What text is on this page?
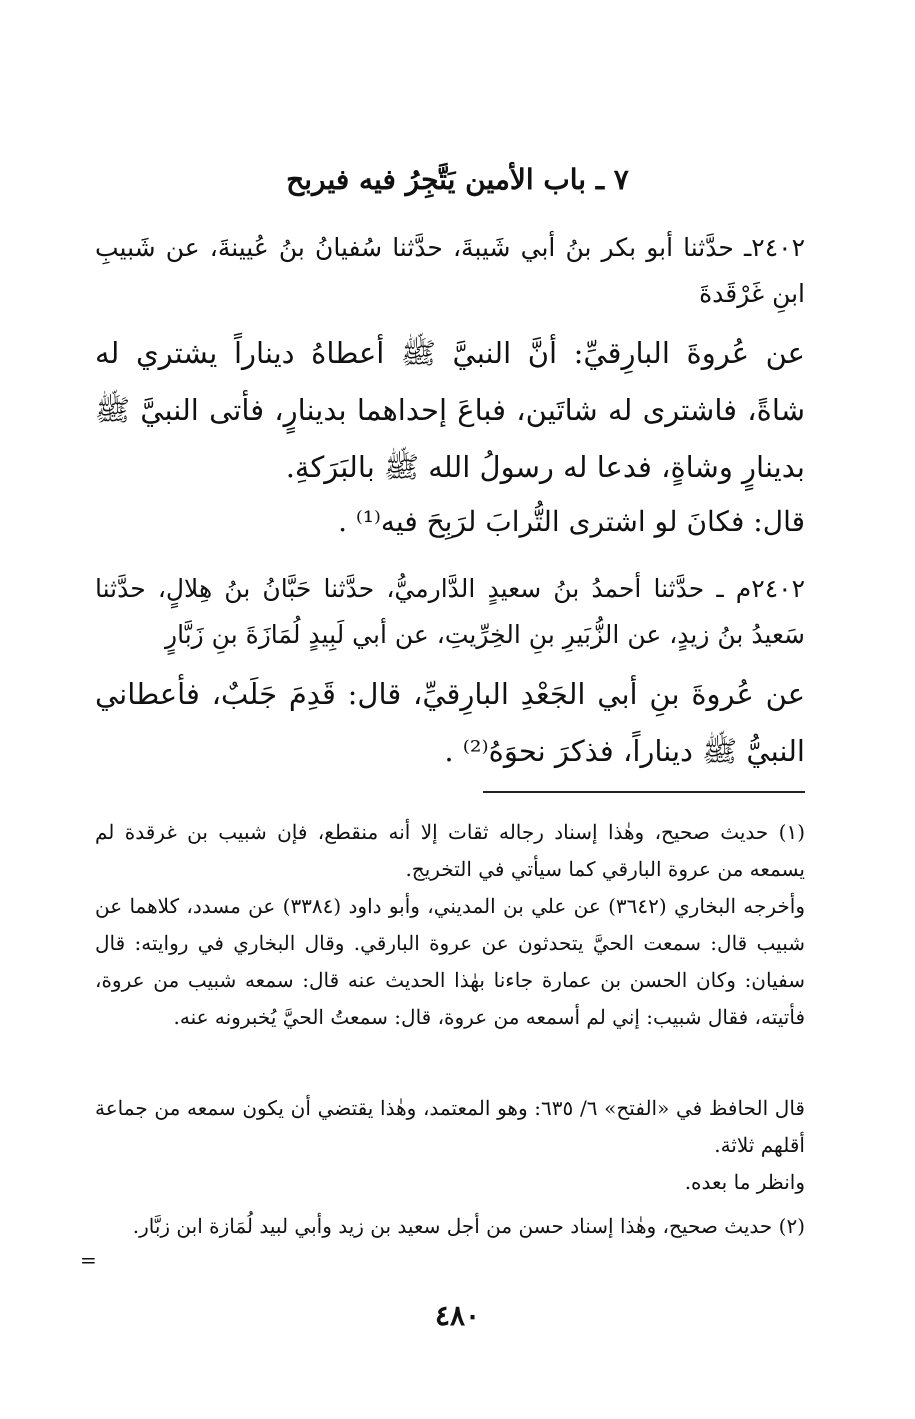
٧ ـ باب الأمين يَتَّجِرُ فيه فيربح
٢٤٠٢ـ حدَّثنا أبو بكر بنُ أبي شَيبةَ، حدَّثنا سُفيانُ بنُ عُيينةَ، عن شَبيبِ ابنِ غَرْقَدةَ
عن عُروةَ البارِقيِّ: أنَّ النبيَّ ﷺ أعطاهُ ديناراً يشتري له شاةً، فاشترى له شاتَين، فباعَ إحداهما بدينارٍ، فأتى النبيَّ ﷺ بدينارٍ وشاةٍ، فدعا له رسولُ الله ﷺ بالبَرَكةِ.
قال: فكانَ لو اشترى التُّرابَ لرَبِحَ فيه⁽¹⁾ .
٢٤٠٢م ـ حدَّثنا أحمدُ بنُ سعيدٍ الدَّارميُّ، حدَّثنا حَبَّانُ بنُ هِلالٍ، حدَّثنا سَعيدُ بنُ زيدٍ، عن الزُّبَيرِ بنِ الخِرِّيتِ، عن أبي لَبِيدٍ لُمَازَةَ بنِ زَبَّارٍ
عن عُروةَ بنِ أبي الجَعْدِ البارِقيِّ، قال: قَدِمَ جَلَبٌ، فأعطاني النبيُّ ﷺ ديناراً، فذكرَ نحوَهُ⁽²⁾ .
(١) حديث صحيح، وهٰذا إسناد رجاله ثقات إلا أنه منقطع، فإن شبيب بن غرقدة لم يسمعه من عروة البارقي كما سيأتي في التخريج.
وأخرجه البخاري (٣٦٤٢) عن علي بن المديني، وأبو داود (٣٣٨٤) عن مسدد، كلاهما عن شبيب قال: سمعت الحيَّ يتحدثون عن عروة البارقي. وقال البخاري في روايته: قال سفيان: وكان الحسن بن عمارة جاءنا بهٰذا الحديث عنه قال: سمعه شبيب من عروة، فأتيته، فقال شبيب: إني لم أسمعه من عروة، قال: سمعتُ الحيَّ يُخبرونه عنه.
قال الحافظ في «الفتح» ٦/ ٦٣٥: وهو المعتمد، وهٰذا يقتضي أن يكون سمعه من جماعة أقلهم ثلاثة.
وانظر ما بعده.
(٢) حديث صحيح، وهٰذا إسناد حسن من أجل سعيد بن زيد وأبي لبيد لُمَازة ابن زبَّار.
=
٤٨٠
